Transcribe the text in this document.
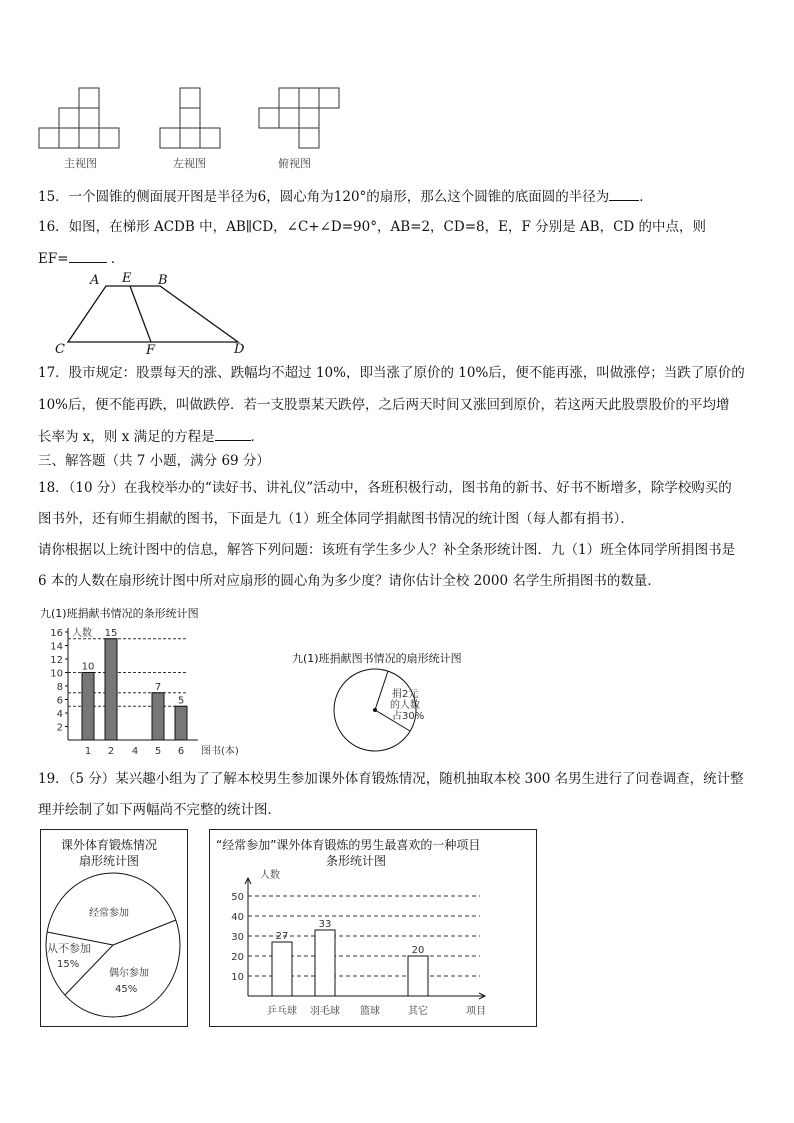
主视图	左视图	俯视图
15．一个圆锥的侧面展开图是半径为6，圆心角为120°的扇形，那么这个圆锥的底面圆的半径为 ．
16．如图，在梯形 ACDB 中，AB∥CD，∠C+∠D=90°，AB=2，CD=8，E，F 分别是 AB，CD 的中点，则
EF=	．
A E B
C	F	D
17．股市规定：股票每天的涨、跌幅均不超过 10%，即当涨了原价的 10%后，便不能再涨，叫做涨停；当跌了原价的
10%后，便不能再跌，叫做跌停．若一支股票某天跌停，之后两天时间又涨回到原价，若这两天此股票股价的平均增
长率为 x，则 x 满足的方程是	．
三、解答题（共 7 小题，满分 69 分）
18．（10 分）在我校举办的“读好书、讲礼仪”活动中，各班积极行动，图书角的新书、好书不断增多，除学校购买的
图书外，还有师生捐献的图书，下面是九（1）班全体同学捐献图书情况的统计图（每人都有捐书）．
请你根据以上统计图中的信息，解答下列问题：该班有学生多少人？补全条形统计图．九（1）班全体同学所捐图书是
6 本的人数在扇形统计图中所对应扇形的圆心角为多少度？请你估计全校 2000 名学生所捐图书的数量．
九(1)班捐献书情况的条形统计图
2
4
6
8
10
12
14
16 人数
10
1
15
2 4
7
5
5
6 图书(本)
九(1)班捐献图书情况的扇形统计图
捐2元
的人数
占30%
19．（5 分）某兴趣小组为了了解本校男生参加课外体育锻炼情况，随机抽取本校 300 名男生进行了问卷调查，统计整
理并绘制了如下两幅尚不完整的统计图．
课外体育锻炼情况
扇形统计图
经常参加
从不参加
15%
偶尔参加
45%
“经常参加”课外体育锻炼的男生最喜欢的一种项目
条形统计图
人数
10
20
30
40
50
27
乒乓球
33
羽毛球 篮球
20
其它	项目
